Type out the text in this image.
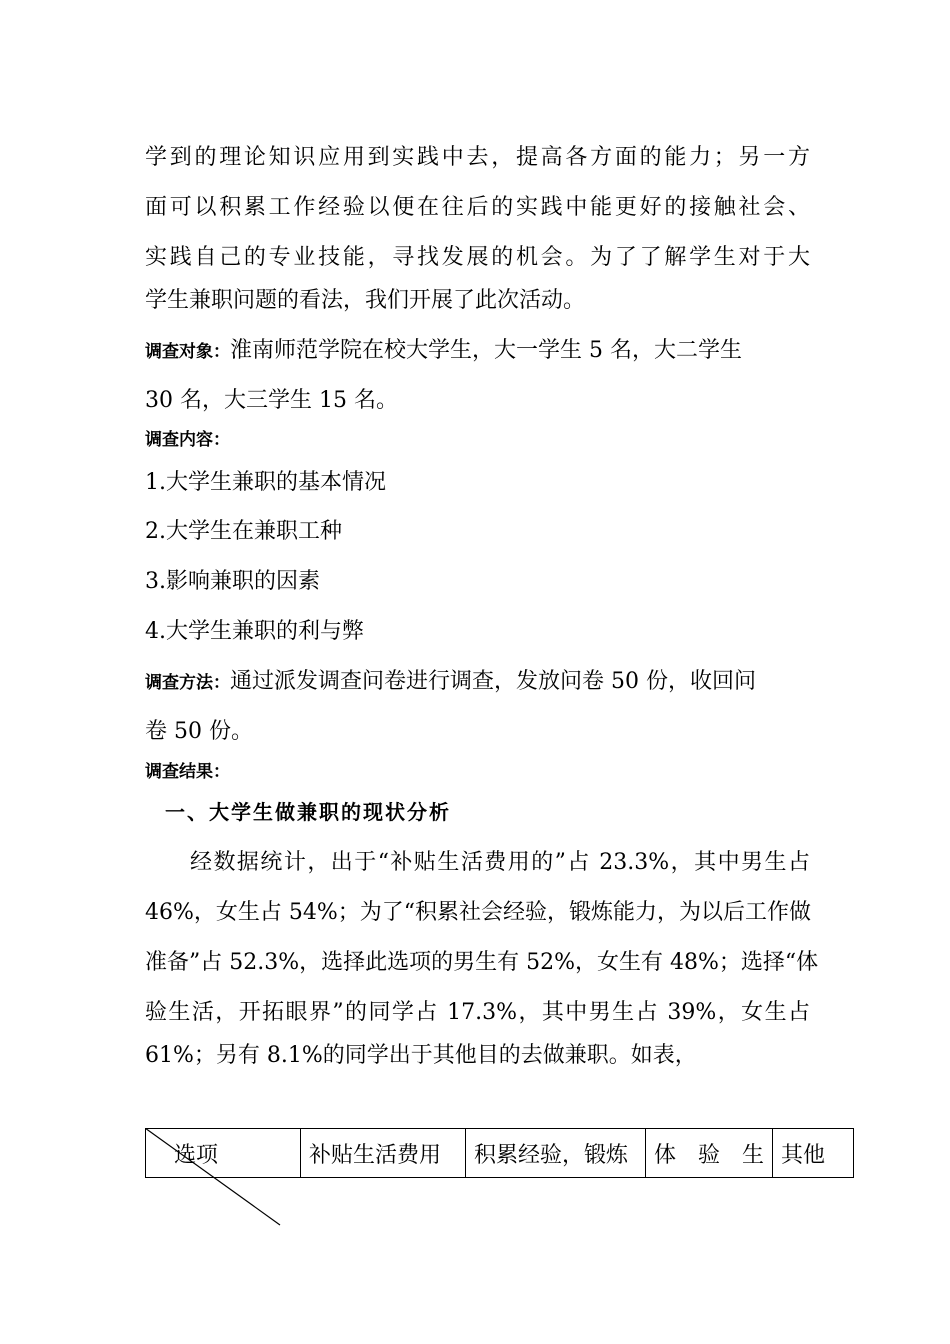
学到的理论知识应用到实践中去，提高各方面的能力；另一方
面可以积累工作经验以便在往后的实践中能更好的接触社会、
实践自己的专业技能，寻找发展的机会。为了了解学生对于大
学生兼职问题的看法，我们开展了此次活动。
调查对象：淮南师范学院在校大学生，大一学生 5 名，大二学生
30 名，大三学生 15 名。
调查内容：
1.大学生兼职的基本情况
2.大学生在兼职工种
3.影响兼职的因素
4.大学生兼职的利与弊
调查方法：通过派发调查问卷进行调查，发放问卷 50 份，收回问
卷 50 份。
调查结果：
一、大学生做兼职的现状分析
经数据统计，出于“补贴生活费用的”占 23.3%，其中男生占
46%，女生占 54%；为了“积累社会经验，锻炼能力，为以后工作做
准备”占 52.3%，选择此选项的男生有 52%，女生有 48%；选择“体
验生活，开拓眼界”的同学占 17.3%，其中男生占 39%，女生占
61%；另有 8.1%的同学出于其他目的去做兼职。如表，
选项	补贴生活费用	积累经验，锻炼	体　验　生	其他
